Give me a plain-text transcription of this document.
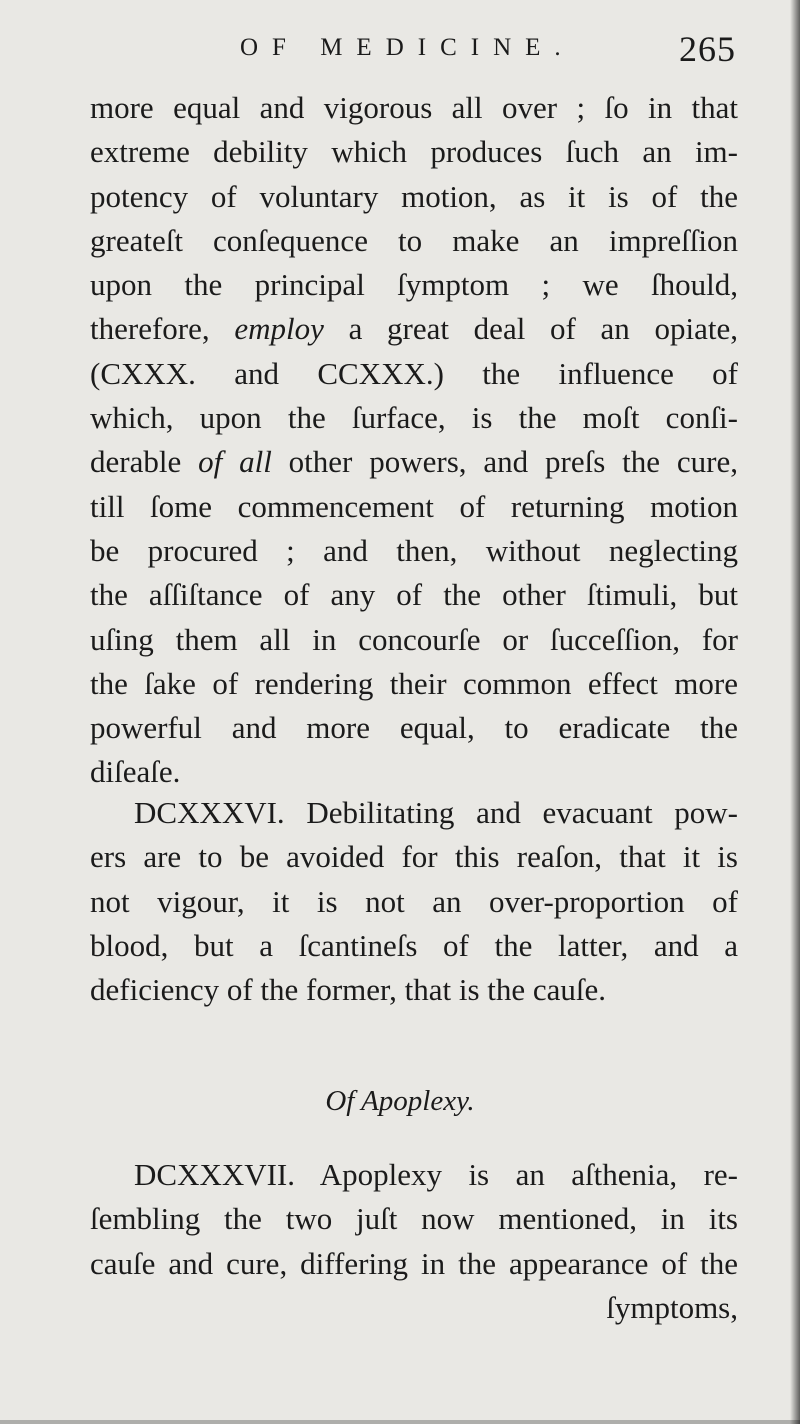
OF MEDICINE.	265
more equal and vigorous all over ; ſo in that
extreme debility which produces ſuch an im-
potency of voluntary motion, as it is of the
greateſt conſequence to make an impreſſion
upon the principal ſymptom ; we ſhould,
therefore, employ a great deal of an opiate,
(CXXX. and CCXXX.) the influence of
which, upon the ſurface, is the moſt conſi-
derable of all other powers, and preſs the cure,
till ſome commencement of returning motion
be procured ; and then, without neglecting
the aſſiſtance of any of the other ſtimuli, but
uſing them all in concourſe or ſucceſſion, for
the ſake of rendering their common effect more
powerful and more equal, to eradicate the
diſeaſe.
DCXXXVI. Debilitating and evacuant pow-
ers are to be avoided for this reaſon, that it is
not vigour, it is not an over-proportion of
blood, but a ſcantineſs of the latter, and a
deficiency of the former, that is the cauſe.
Of Apoplexy.
DCXXXVII. Apoplexy is an aſthenia, re-
ſembling the two juſt now mentioned, in its
cauſe and cure, differing in the appearance of the
ſymptoms,
